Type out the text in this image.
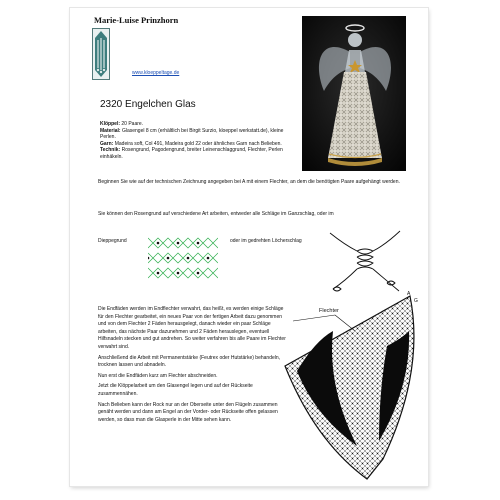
Marie-Luise Prinzhorn
www.kloeppeltage.de
2320 Engelchen Glas
Klöppel: 20 Paare.
Material: Glasengel 8 cm (erhältlich bei Birgit Surzio, kloeppel werkstatt.de), kleine Perlen.
Garn: Madeira soft, Col 491, Madeira gold 22 oder ähnliches Garn nach Belieben.
Technik: Rosengrund, Pagodengrund, breiter Leinenschlaggrund, Flechter, Perlen einhäkeln.
Beginnen Sie wie auf der technischen Zeichnung angegeben bei A mit einem Flechter, an dem die benötigten Paare aufgehängt werden.
Sie können den Rosengrund auf verschiedene Art arbeiten, entweder alle Schläge im Ganzschlag, oder im
Dieppegrund	oder im gedrehten Löcherschlag

Die Endfäden werden im Endflechter verwahrt, das heißt, es werden einige Schläge für den Flechter gearbeitet, ein neues Paar von der fertigen Arbeit dazu genommen und von dem Flechter 2 Fäden herausgelegt, danach wieder ein paar Schläge arbeiten, das nächste Paar dazunehmen und 2 Fäden herauslegen, eventuell Hilfsnadeln stecken und gut andrehen. So weiter verfahren bis alle Paare im Flechter verwahrt sind.

Anschließend die Arbeit mit Permanentstärke (Feutrex oder Hutstärke) behandeln, trocknen lassen und abnadeln.

Nun erst die Endfäden kurz am Flechter abschneiden.

Jetzt die Klöppelarbeit um den Glasengel legen und auf der Rückseite zusammennähen.

Nach Belieben kann der Rock nur an der Oberseite unter den Flügeln zusammen genäht werden und dann am Engel an der Vorder- oder Rückseite offen gelassen werden, so dass man die Glasperle in der Mitte sehen kann.

Flechter
A
G
